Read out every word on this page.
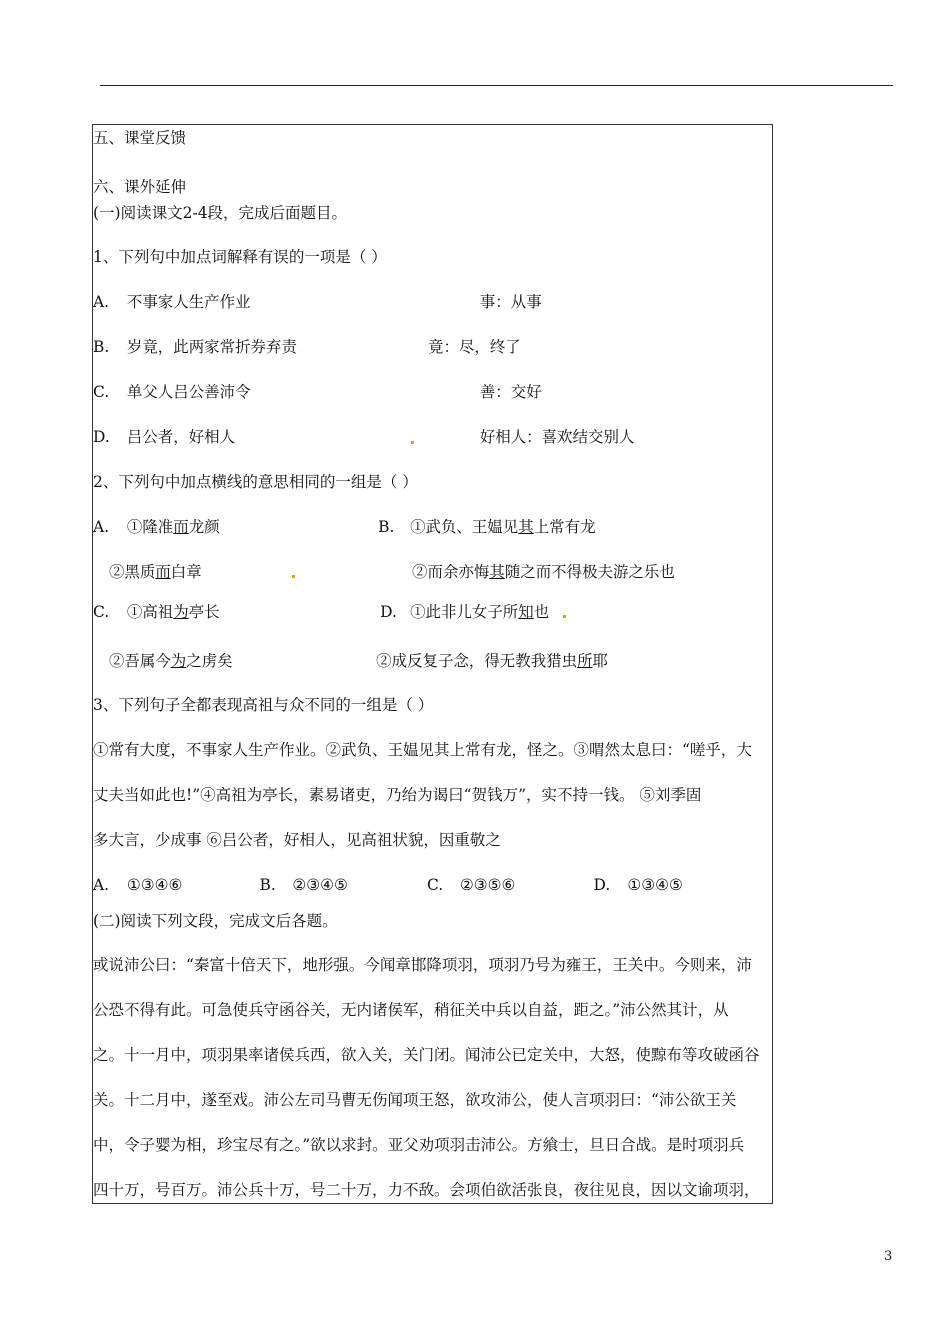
五、课堂反馈
六、课外延伸
(一)阅读课文2-4段，完成后面题目。
1、下列句中加点词解释有误的一项是（ ）
A. 不事家人生产作业	事：从事
B. 岁竟，此两家常折券弃责	竟：尽，终了
C. 单父人吕公善沛令	善：交好
D. 吕公者，好相人	好相人：喜欢结交别人
2、下列句中加点横线的意思相同的一组是（ ）
A. ①隆准而龙颜	B. ①武负、王媪见其上常有龙
②黑质而白章	②而余亦悔其随之而不得极夫游之乐也
C. ①高祖为亭长	D. ①此非儿女子所知也
②吾属今为之虏矣	②成反复子念，得无教我猎虫所耶
3、下列句子全都表现高祖与众不同的一组是（ ）
①常有大度，不事家人生产作业。②武负、王媪见其上常有龙，怪之。③喟然太息曰：“嗟乎，大
丈夫当如此也!”④高祖为亭长，素易诸吏，乃绐为谒曰“贺钱万”，实不持一钱。 ⑤刘季固
多大言，少成事 ⑥吕公者，好相人，见高祖状貌，因重敬之
A. ①③④⑥	B. ②③④⑤	C. ②③⑤⑥	D. ①③④⑤
(二)阅读下列文段，完成文后各题。
或说沛公曰：“秦富十倍天下，地形强。今闻章邯降项羽，项羽乃号为雍王，王关中。今则来，沛
公恐不得有此。可急使兵守函谷关，无内诸侯军，稍征关中兵以自益，距之。”沛公然其计，从
之。十一月中，项羽果率诸侯兵西，欲入关，关门闭。闻沛公已定关中，大怒，使黥布等攻破函谷
关。十二月中，遂至戏。沛公左司马曹无伤闻项王怒，欲攻沛公，使人言项羽曰：“沛公欲王关
中，令子婴为相，珍宝尽有之。”欲以求封。亚父劝项羽击沛公。方飨士，旦日合战。是时项羽兵
四十万，号百万。沛公兵十万，号二十万，力不敌。会项伯欲活张良，夜往见良，因以文谕项羽，
3
